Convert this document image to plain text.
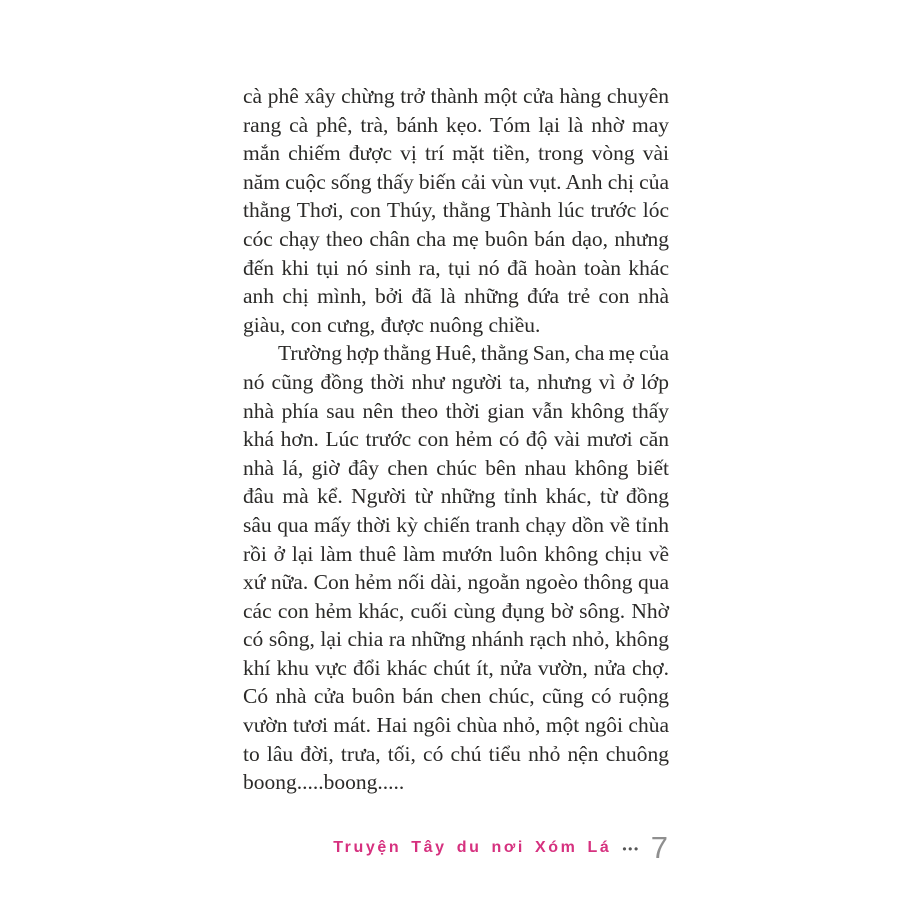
cà phê xây chừng trở thành một cửa hàng chuyên
rang cà phê, trà, bánh kẹo. Tóm lại là nhờ may
mắn chiếm được vị trí mặt tiền, trong vòng vài
năm cuộc sống thấy biến cải vùn vụt. Anh chị của
thằng Thơi, con Thúy, thằng Thành lúc trước lóc
cóc chạy theo chân cha mẹ buôn bán dạo, nhưng
đến khi tụi nó sinh ra, tụi nó đã hoàn toàn khác
anh chị mình, bởi đã là những đứa trẻ con nhà
giàu, con cưng, được nuông chiều.
Trường hợp thằng Huê, thằng San, cha mẹ của
nó cũng đồng thời như người ta, nhưng vì ở lớp
nhà phía sau nên theo thời gian vẫn không thấy
khá hơn. Lúc trước con hẻm có độ vài mươi căn
nhà lá, giờ đây chen chúc bên nhau không biết
đâu mà kể. Người từ những tỉnh khác, từ đồng
sâu qua mấy thời kỳ chiến tranh chạy dồn về tỉnh
rồi ở lại làm thuê làm mướn luôn không chịu về
xứ nữa. Con hẻm nối dài, ngoằn ngoèo thông qua
các con hẻm khác, cuối cùng đụng bờ sông. Nhờ
có sông, lại chia ra những nhánh rạch nhỏ, không
khí khu vực đổi khác chút ít, nửa vườn, nửa chợ.
Có nhà cửa buôn bán chen chúc, cũng có ruộng
vườn tươi mát. Hai ngôi chùa nhỏ, một ngôi chùa
to lâu đời, trưa, tối, có chú tiểu nhỏ nện chuông
boong.....boong.....
Truyện Tây du nơi Xóm Lá ••• 7
